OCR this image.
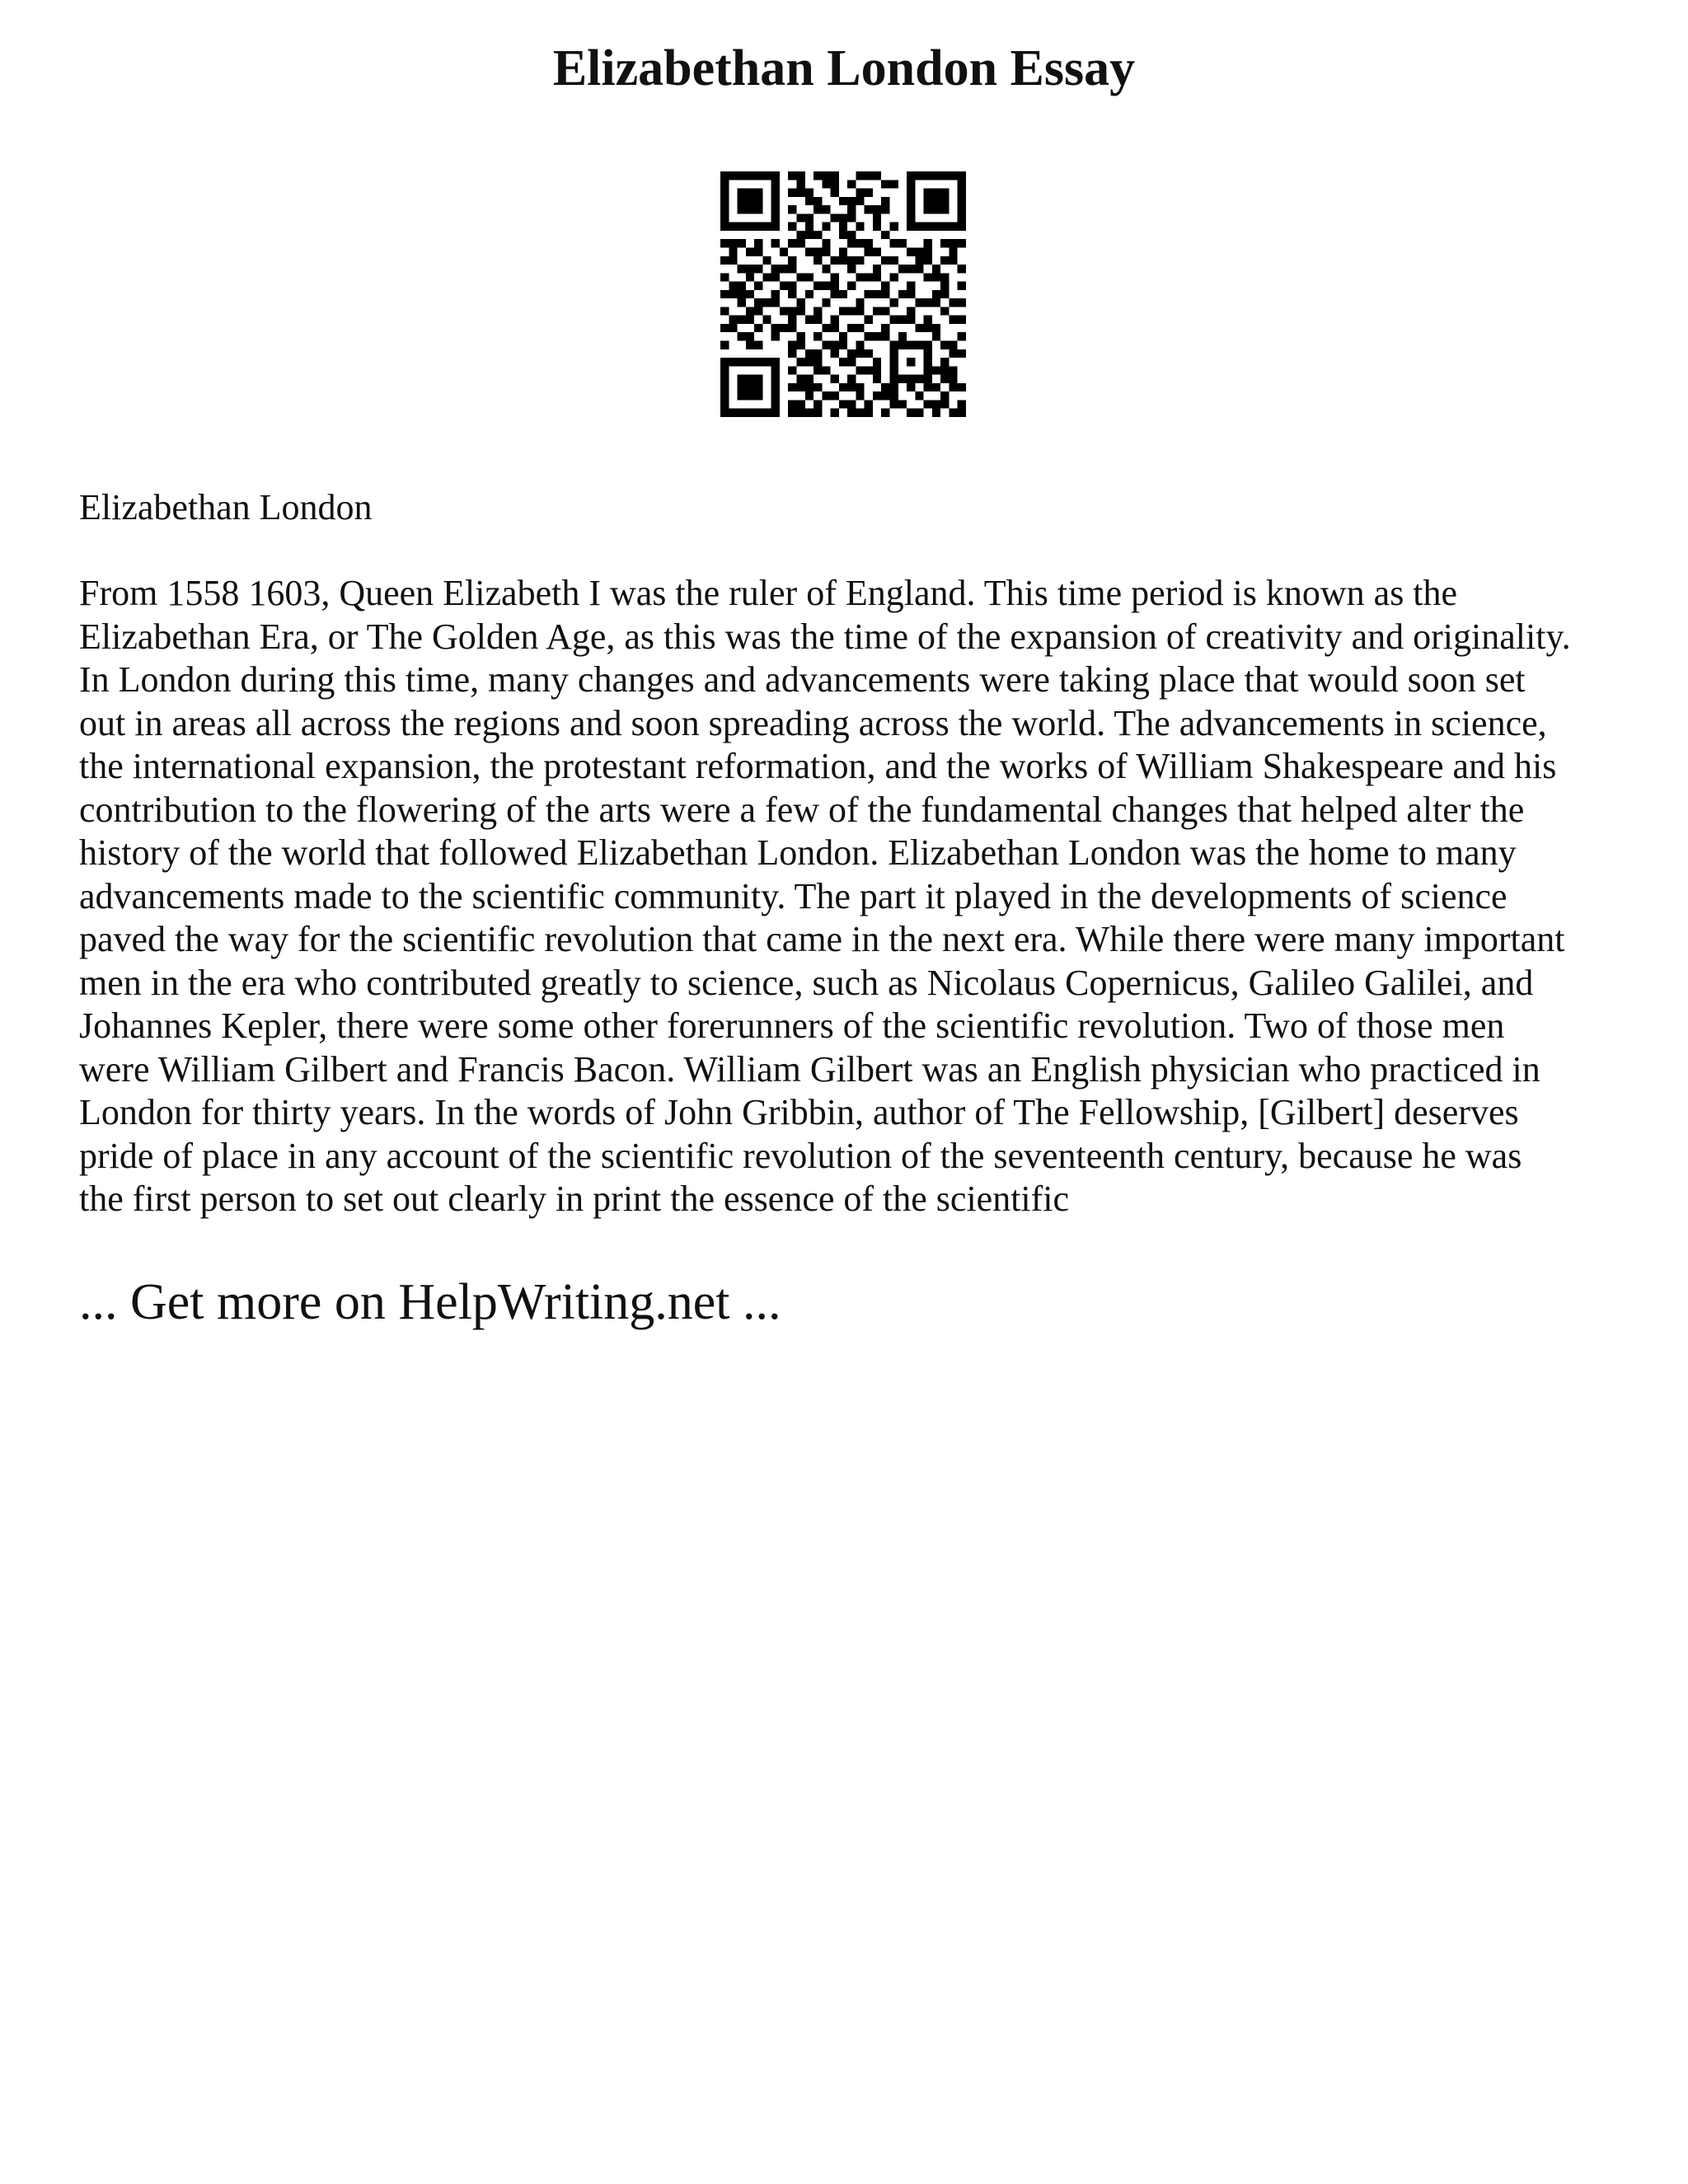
Elizabethan London Essay

Elizabethan London

From 1558 1603, Queen Elizabeth I was the ruler of England. This time period is known as the
Elizabethan Era, or The Golden Age, as this was the time of the expansion of creativity and originality.
In London during this time, many changes and advancements were taking place that would soon set
out in areas all across the regions and soon spreading across the world. The advancements in science,
the international expansion, the protestant reformation, and the works of William Shakespeare and his
contribution to the flowering of the arts were a few of the fundamental changes that helped alter the
history of the world that followed Elizabethan London. Elizabethan London was the home to many
advancements made to the scientific community. The part it played in the developments of science
paved the way for the scientific revolution that came in the next era. While there were many important
men in the era who contributed greatly to science, such as Nicolaus Copernicus, Galileo Galilei, and
Johannes Kepler, there were some other forerunners of the scientific revolution. Two of those men
were William Gilbert and Francis Bacon. William Gilbert was an English physician who practiced in
London for thirty years. In the words of John Gribbin, author of The Fellowship, [Gilbert] deserves
pride of place in any account of the scientific revolution of the seventeenth century, because he was
the first person to set out clearly in print the essence of the scientific
... Get more on HelpWriting.net ...
